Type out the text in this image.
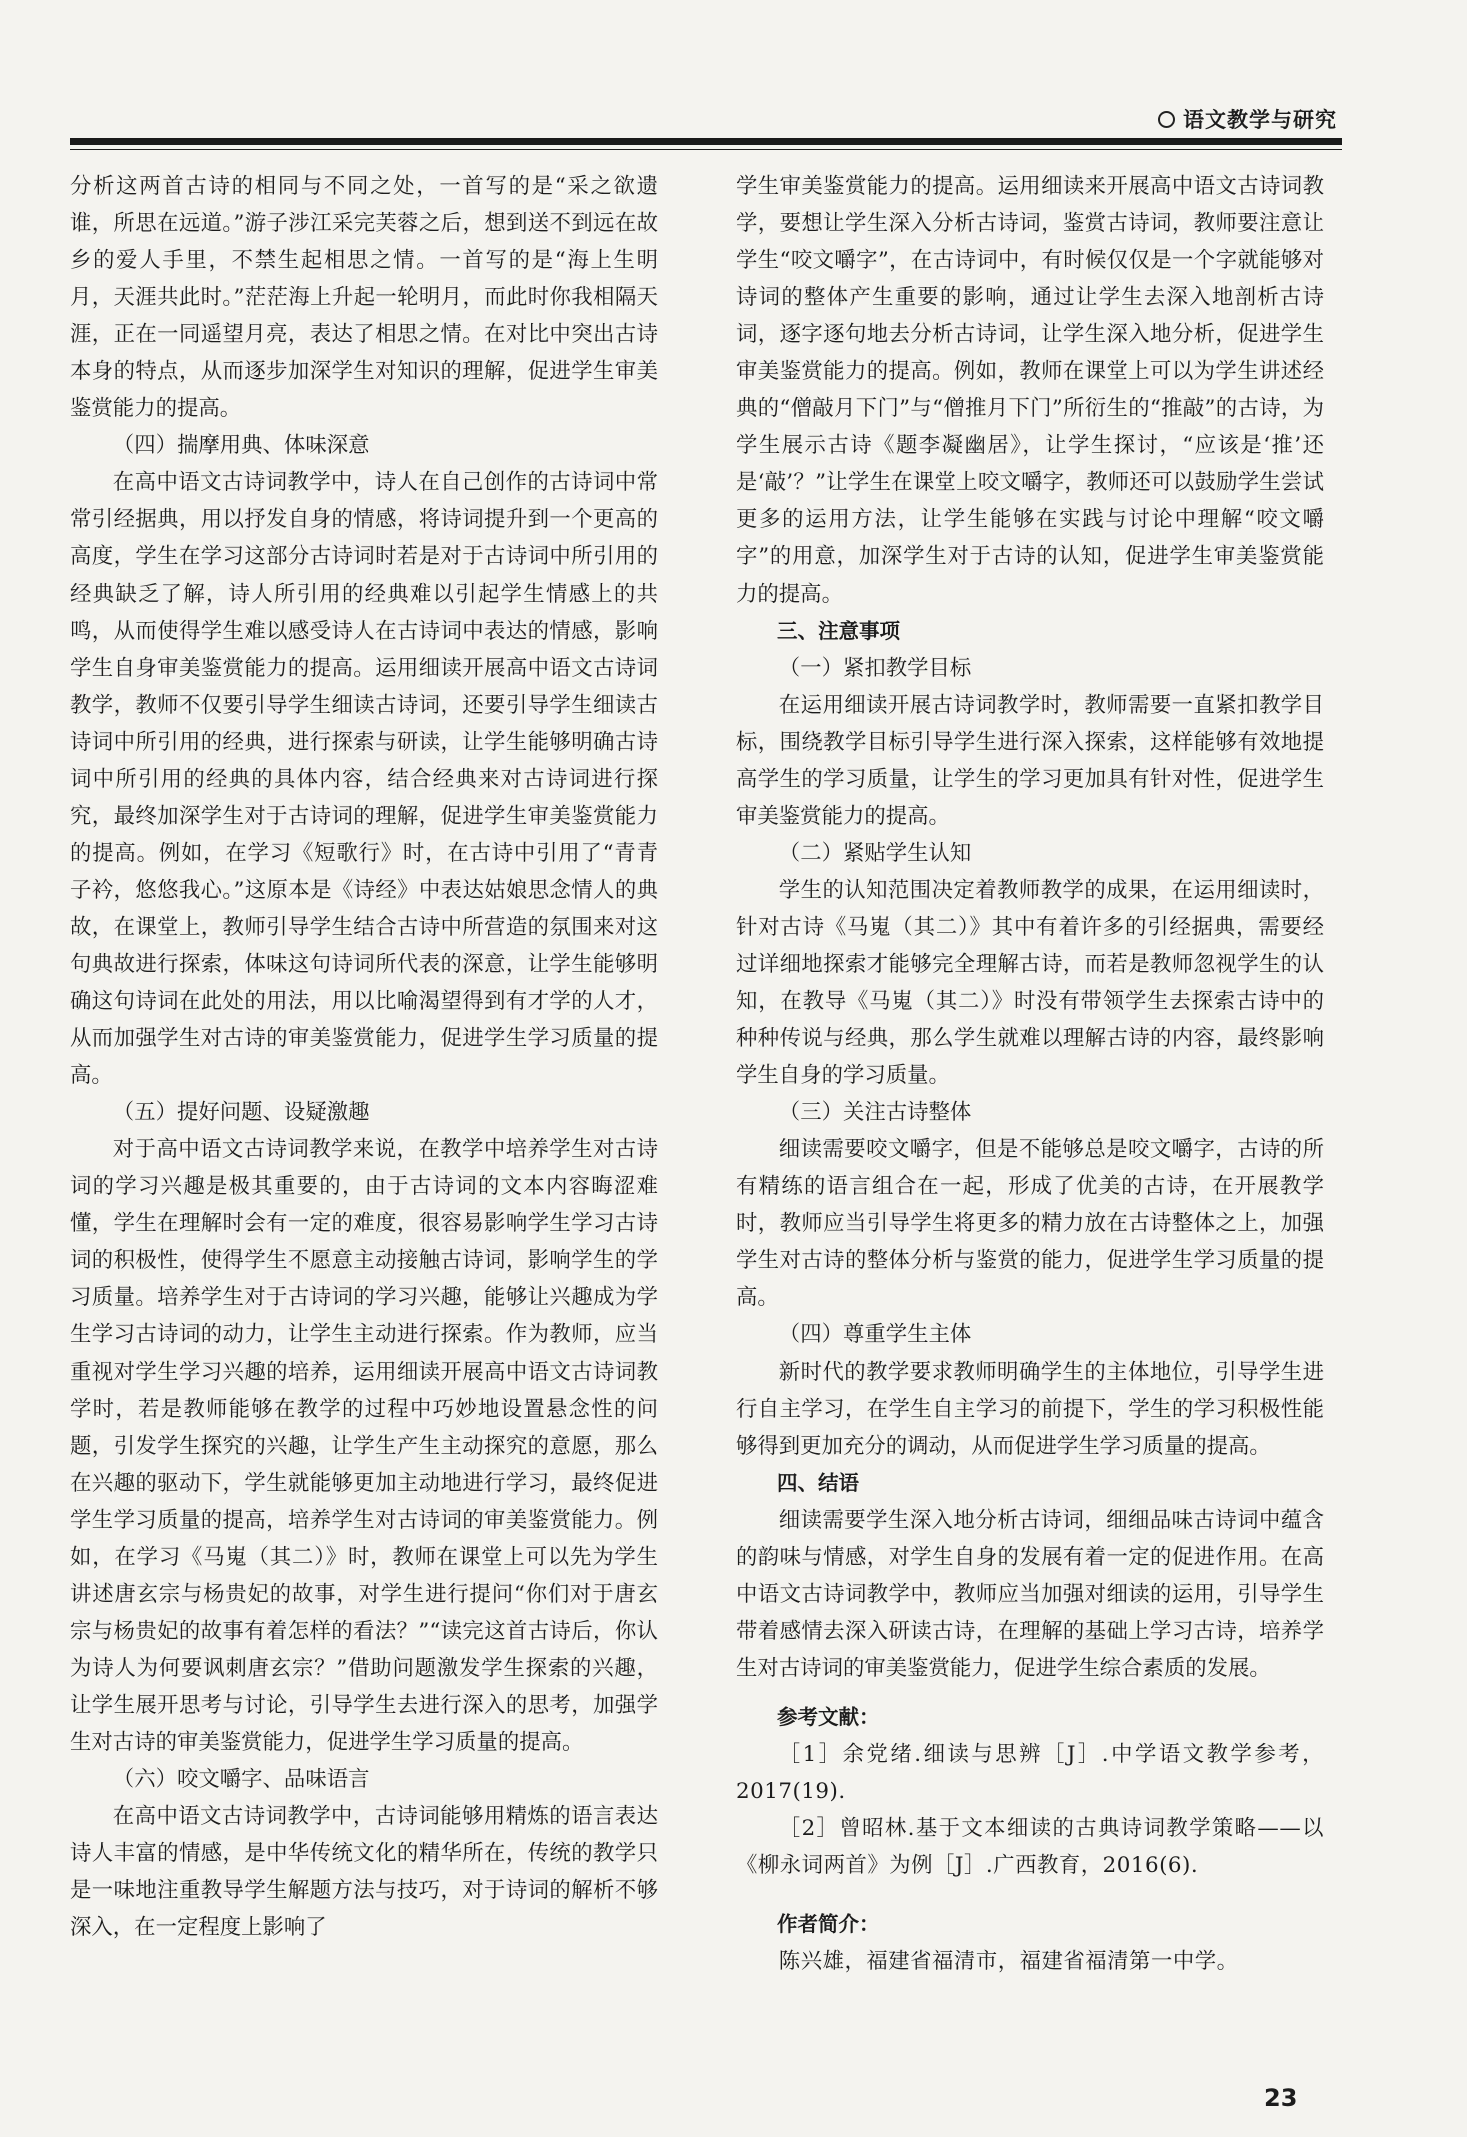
语文教学与研究

分析这两首古诗的相同与不同之处，一首写的是“采之欲遗谁，所思在远道。”游子涉江采完芙蓉之后，想到送不到远在故乡的爱人手里，不禁生起相思之情。一首写的是“海上生明月，天涯共此时。”茫茫海上升起一轮明月，而此时你我相隔天涯，正在一同遥望月亮，表达了相思之情。在对比中突出古诗本身的特点，从而逐步加深学生对知识的理解，促进学生审美鉴赏能力的提高。

（四）揣摩用典、体味深意

在高中语文古诗词教学中，诗人在自己创作的古诗词中常常引经据典，用以抒发自身的情感，将诗词提升到一个更高的高度，学生在学习这部分古诗词时若是对于古诗词中所引用的经典缺乏了解，诗人所引用的经典难以引起学生情感上的共鸣，从而使得学生难以感受诗人在古诗词中表达的情感，影响学生自身审美鉴赏能力的提高。运用细读开展高中语文古诗词教学，教师不仅要引导学生细读古诗词，还要引导学生细读古诗词中所引用的经典，进行探索与研读，让学生能够明确古诗词中所引用的经典的具体内容，结合经典来对古诗词进行探究，最终加深学生对于古诗词的理解，促进学生审美鉴赏能力的提高。例如，在学习《短歌行》时，在古诗中引用了“青青子衿，悠悠我心。”这原本是《诗经》中表达姑娘思念情人的典故，在课堂上，教师引导学生结合古诗中所营造的氛围来对这句典故进行探索，体味这句诗词所代表的深意，让学生能够明确这句诗词在此处的用法，用以比喻渴望得到有才学的人才，从而加强学生对古诗的审美鉴赏能力，促进学生学习质量的提高。

（五）提好问题、设疑激趣

对于高中语文古诗词教学来说，在教学中培养学生对古诗词的学习兴趣是极其重要的，由于古诗词的文本内容晦涩难懂，学生在理解时会有一定的难度，很容易影响学生学习古诗词的积极性，使得学生不愿意主动接触古诗词，影响学生的学习质量。培养学生对于古诗词的学习兴趣，能够让兴趣成为学生学习古诗词的动力，让学生主动进行探索。作为教师，应当重视对学生学习兴趣的培养，运用细读开展高中语文古诗词教学时，若是教师能够在教学的过程中巧妙地设置悬念性的问题，引发学生探究的兴趣，让学生产生主动探究的意愿，那么在兴趣的驱动下，学生就能够更加主动地进行学习，最终促进学生学习质量的提高，培养学生对古诗词的审美鉴赏能力。例如，在学习《马嵬（其二）》时，教师在课堂上可以先为学生讲述唐玄宗与杨贵妃的故事，对学生进行提问“你们对于唐玄宗与杨贵妃的故事有着怎样的看法？”“读完这首古诗后，你认为诗人为何要讽刺唐玄宗？”借助问题激发学生探索的兴趣，让学生展开思考与讨论，引导学生去进行深入的思考，加强学生对古诗的审美鉴赏能力，促进学生学习质量的提高。

（六）咬文嚼字、品味语言

在高中语文古诗词教学中，古诗词能够用精炼的语言表达诗人丰富的情感，是中华传统文化的精华所在，传统的教学只是一味地注重教导学生解题方法与技巧，对于诗词的解析不够深入，在一定程度上影响了

学生审美鉴赏能力的提高。运用细读来开展高中语文古诗词教学，要想让学生深入分析古诗词，鉴赏古诗词，教师要注意让学生“咬文嚼字”，在古诗词中，有时候仅仅是一个字就能够对诗词的整体产生重要的影响，通过让学生去深入地剖析古诗词，逐字逐句地去分析古诗词，让学生深入地分析，促进学生审美鉴赏能力的提高。例如，教师在课堂上可以为学生讲述经典的“僧敲月下门”与“僧推月下门”所衍生的“推敲”的古诗，为学生展示古诗《题李凝幽居》，让学生探讨，“应该是‘推’还是‘敲’？”让学生在课堂上咬文嚼字，教师还可以鼓励学生尝试更多的运用方法，让学生能够在实践与讨论中理解“咬文嚼字”的用意，加深学生对于古诗的认知，促进学生审美鉴赏能力的提高。

三、注意事项

（一）紧扣教学目标

在运用细读开展古诗词教学时，教师需要一直紧扣教学目标，围绕教学目标引导学生进行深入探索，这样能够有效地提高学生的学习质量，让学生的学习更加具有针对性，促进学生审美鉴赏能力的提高。

（二）紧贴学生认知

学生的认知范围决定着教师教学的成果，在运用细读时，针对古诗《马嵬（其二）》其中有着许多的引经据典，需要经过详细地探索才能够完全理解古诗，而若是教师忽视学生的认知，在教导《马嵬（其二）》时没有带领学生去探索古诗中的种种传说与经典，那么学生就难以理解古诗的内容，最终影响学生自身的学习质量。

（三）关注古诗整体

细读需要咬文嚼字，但是不能够总是咬文嚼字，古诗的所有精练的语言组合在一起，形成了优美的古诗，在开展教学时，教师应当引导学生将更多的精力放在古诗整体之上，加强学生对古诗的整体分析与鉴赏的能力，促进学生学习质量的提高。

（四）尊重学生主体

新时代的教学要求教师明确学生的主体地位，引导学生进行自主学习，在学生自主学习的前提下，学生的学习积极性能够得到更加充分的调动，从而促进学生学习质量的提高。

四、结语

细读需要学生深入地分析古诗词，细细品味古诗词中蕴含的韵味与情感，对学生自身的发展有着一定的促进作用。在高中语文古诗词教学中，教师应当加强对细读的运用，引导学生带着感情去深入研读古诗，在理解的基础上学习古诗，培养学生对古诗词的审美鉴赏能力，促进学生综合素质的发展。

参考文献：

［1］余党绪.细读与思辨［J］.中学语文教学参考，2017(19).

［2］曾昭林.基于文本细读的古典诗词教学策略——以《柳永词两首》为例［J］.广西教育，2016(6).

作者简介：

陈兴雄，福建省福清市，福建省福清第一中学。

23
